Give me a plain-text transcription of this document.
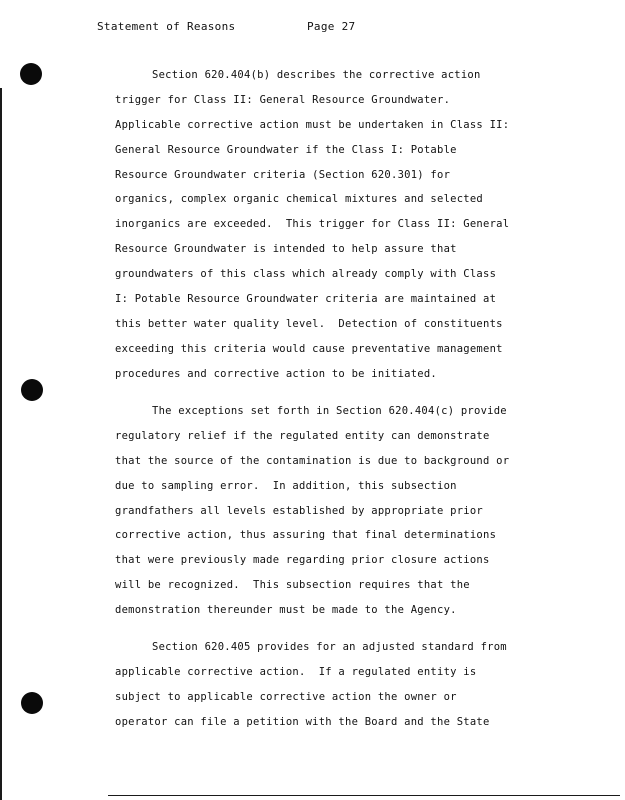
Statement of Reasons	Page 27
Section 620.404(b) describes the corrective action
trigger for Class II: General Resource Groundwater.
Applicable corrective action must be undertaken in Class II:
General Resource Groundwater if the Class I: Potable
Resource Groundwater criteria (Section 620.301) for
organics, complex organic chemical mixtures and selected
inorganics are exceeded.  This trigger for Class II: General
Resource Groundwater is intended to help assure that
groundwaters of this class which already comply with Class
I: Potable Resource Groundwater criteria are maintained at
this better water quality level.  Detection of constituents
exceeding this criteria would cause preventative management
procedures and corrective action to be initiated.
The exceptions set forth in Section 620.404(c) provide
regulatory relief if the regulated entity can demonstrate
that the source of the contamination is due to background or
due to sampling error.  In addition, this subsection
grandfathers all levels established by appropriate prior
corrective action, thus assuring that final determinations
that were previously made regarding prior closure actions
will be recognized.  This subsection requires that the
demonstration thereunder must be made to the Agency.
Section 620.405 provides for an adjusted standard from
applicable corrective action.  If a regulated entity is
subject to applicable corrective action the owner or
operator can file a petition with the Board and the State
